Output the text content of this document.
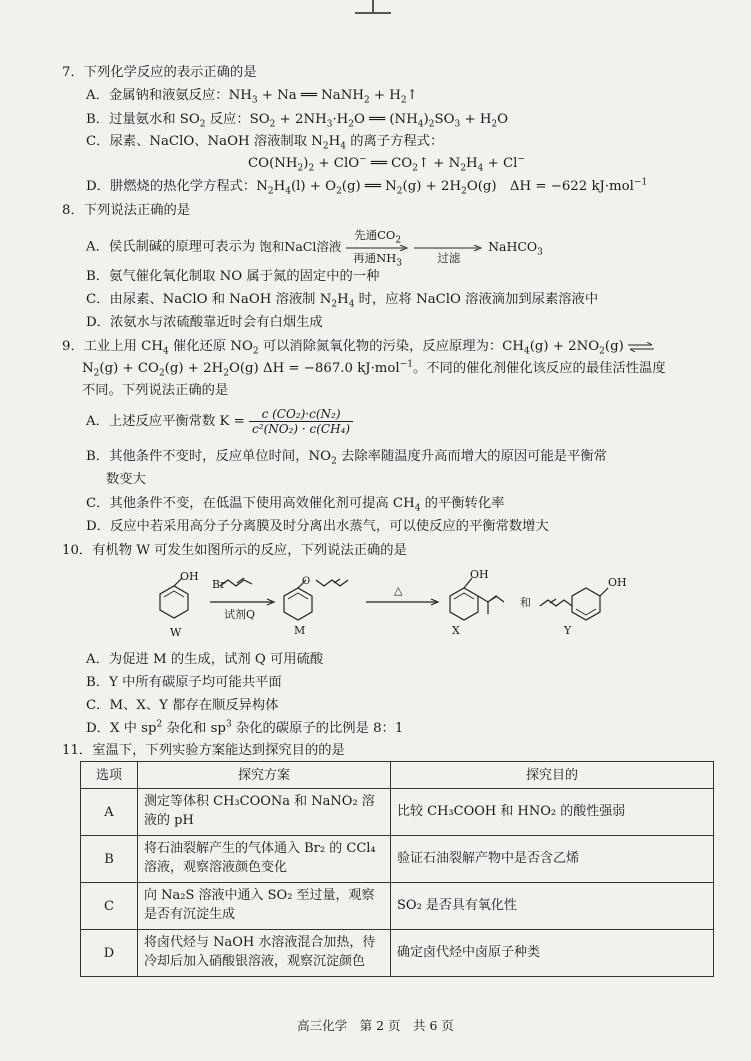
7．下列化学反应的表示正确的是
A．金属钠和液氨反应：$NH_3 + Na$ ══ NaNH$_2$ + $H_2↑$
B．过量氨水和 $SO_2$ 反应：$SO_2 + 2NH_3\cdot H_2O$ ══ $(NH_4)_2SO_3 + H_2O$
C．尿素、NaClO、NaOH 溶液制取 $N_2H_4$ 的离子方程式：
$CO(NH_2)_2 + ClO^-$ ══ $CO_2↑ + N_2H_4 + Cl^-$
D．肼燃烧的热化学方程式：$N_2H_4(l) + O_2(g)$ ══ $N_2(g) + 2H_2O(g)$　ΔH = −622 kJ·mol$^{-1}$
8．下列说法正确的是
A．侯氏制碱的原理可表示为 饱和NaCl溶液
先通$CO_2$
再通$NH_3$

	过滤
NaHCO$_3$
B．氨气催化氧化制取 NO 属于氮的固定中的一种
C．由尿素、NaClO 和 NaOH 溶液制 $N_2H_4$ 时，应将 NaClO 溶液滴加到尿素溶液中
D．浓氨水与浓硫酸靠近时会有白烟生成
9．工业上用 $CH_4$ 催化还原 $NO_2$ 可以消除氮氧化物的污染，反应原理为：$CH_4(g) + 2NO_2(g)$ ⇌
$N_2(g) + CO_2(g) + 2H_2O(g) \Delta H = -867.0$ kJ·mol$^{-1}$。不同的催化剂催化该反应的最佳活性温度
不同。下列说法正确的是
A．上述反应平衡常数 $K = \frac{\text{c (CO₂)·c(N₂)}}{\text{c²(NO₂) · c(CH₄)}}$
B．其他条件不变时，反应单位时间，$NO_2$ 去除率随温度升高而增大的原因可能是平衡常
数变大
C．其他条件不变，在低温下使用高效催化剂可提高 $CH_4$ 的平衡转化率
D．反应中若采用高分子分离膜及时分离出水蒸气，可以使反应的平衡常数增大
10．有机物 W 可发生如图所示的反应，下列说法正确的是
OH
Br
试剂Q
O
△
OH
和
OH
W	M	X	Y
A．为促进 M 的生成，试剂 Q 可用硫酸
B．Y 中所有碳原子均可能共平面
C．M、X、Y 都存在顺反异构体
D．X 中 $sp^2$ 杂化和 $sp^3$ 杂化的碳原子的比例是 8：1
11．室温下，下列实验方案能达到探究目的的是
选项	探究方案	探究目的
A	测定等体积 CH₃COONa 和 NaNO₂ 溶液的 pH	比较 CH₃COOH 和 HNO₂ 的酸性强弱
B	将石油裂解产生的气体通入 Br₂ 的 CCl₄ 溶液，观察溶液颜色变化	验证石油裂解产物中是否含乙烯
C	向 Na₂S 溶液中通入 SO₂ 至过量，观察是否有沉淀生成	SO₂ 是否具有氧化性
D	将卤代烃与 NaOH 水溶液混合加热，待冷却后加入硝酸银溶液，观察沉淀颜色	确定卤代烃中卤原子种类
高三化学　第 2 页　共 6 页
